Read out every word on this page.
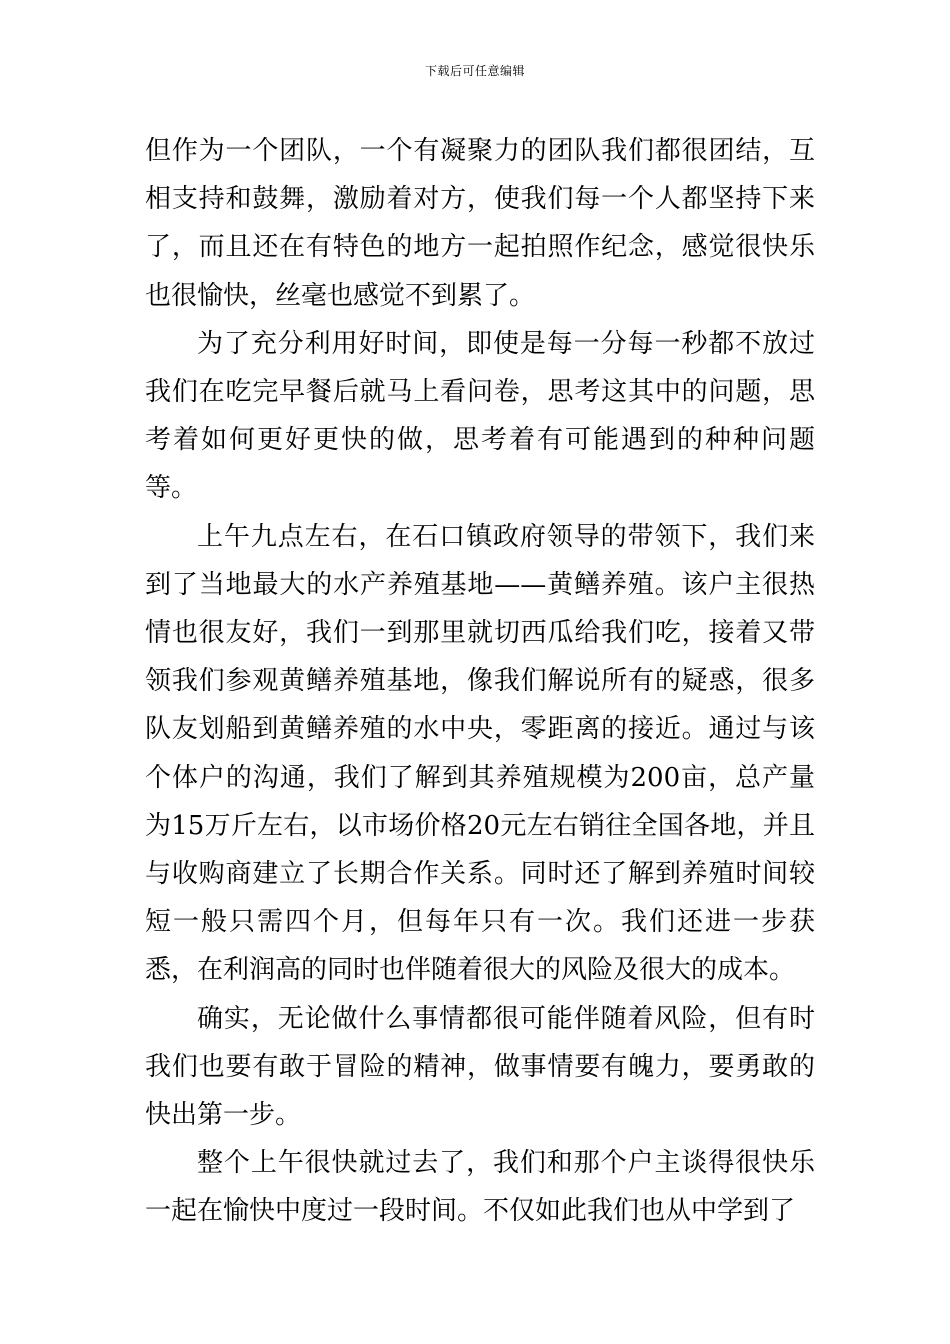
下载后可任意编辑

但作为一个团队，一个有凝聚力的团队我们都很团结，互相支持和鼓舞，激励着对方，使我们每一个人都坚持下来了，而且还在有特色的地方一起拍照作纪念，感觉很快乐也很愉快，丝毫也感觉不到累了。

为了充分利用好时间，即使是每一分每一秒都不放过我们在吃完早餐后就马上看问卷，思考这其中的问题，思考着如何更好更快的做，思考着有可能遇到的种种问题等。

上午九点左右，在石口镇政府领导的带领下，我们来到了当地最大的水产养殖基地——黄鳝养殖。该户主很热情也很友好，我们一到那里就切西瓜给我们吃，接着又带领我们参观黄鳝养殖基地，像我们解说所有的疑惑，很多队友划船到黄鳝养殖的水中央，零距离的接近。通过与该个体户的沟通，我们了解到其养殖规模为200亩，总产量为15万斤左右，以市场价格20元左右销往全国各地，并且与收购商建立了长期合作关系。同时还了解到养殖时间较短一般只需四个月，但每年只有一次。我们还进一步获悉，在利润高的同时也伴随着很大的风险及很大的成本。

确实，无论做什么事情都很可能伴随着风险，但有时我们也要有敢于冒险的精神，做事情要有魄力，要勇敢的快出第一步。

整个上午很快就过去了，我们和那个户主谈得很快乐一起在愉快中度过一段时间。不仅如此我们也从中学到了
